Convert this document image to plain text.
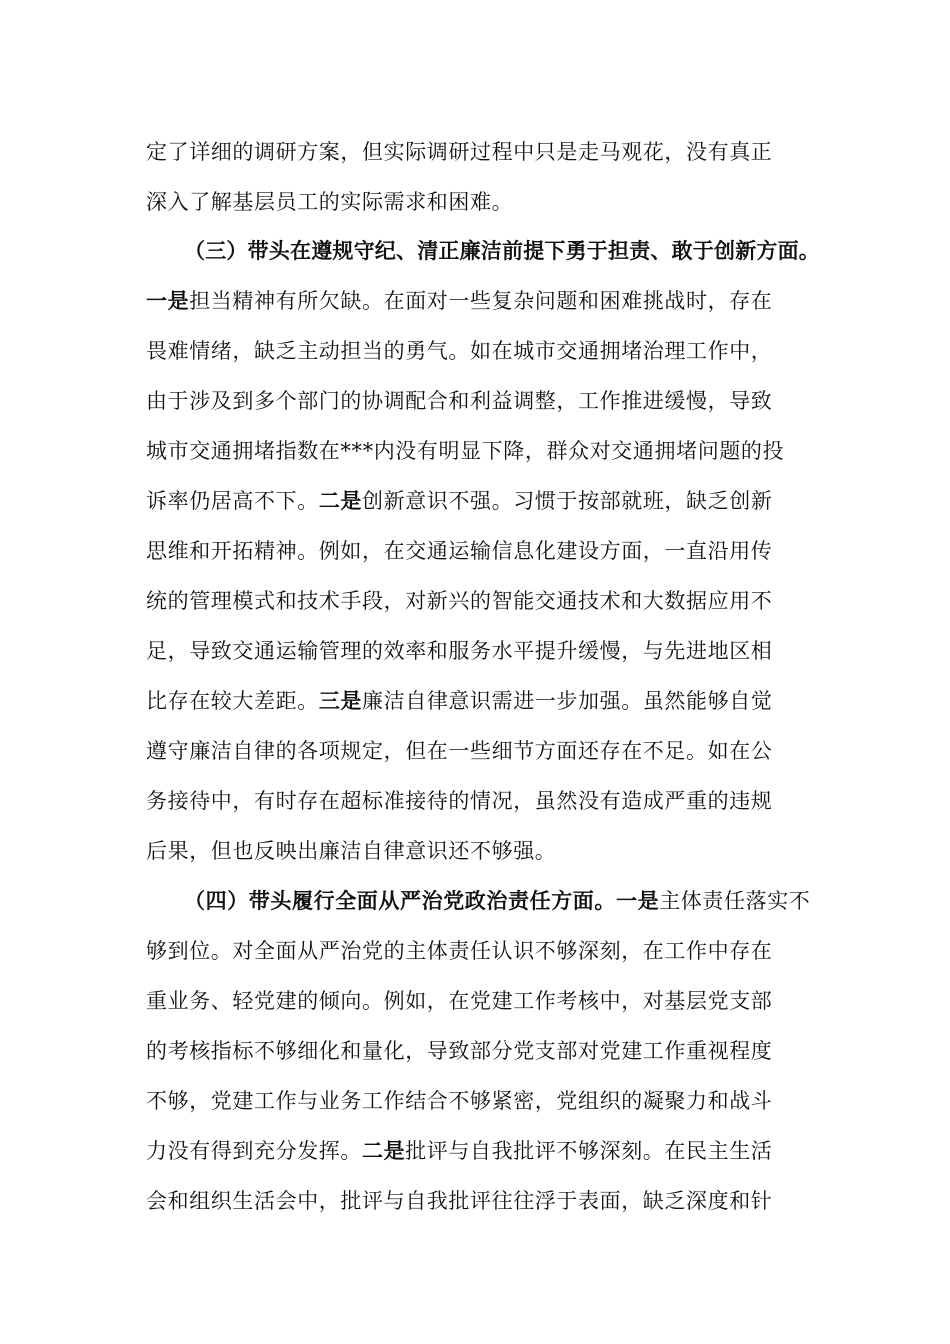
定了详细的调研方案，但实际调研过程中只是走马观花，没有真正
深入了解基层员工的实际需求和困难。
（三）带头在遵规守纪、清正廉洁前提下勇于担责、敢于创新方面。
一是担当精神有所欠缺。在面对一些复杂问题和困难挑战时，存在
畏难情绪，缺乏主动担当的勇气。如在城市交通拥堵治理工作中，
由于涉及到多个部门的协调配合和利益调整，工作推进缓慢，导致
城市交通拥堵指数在***内没有明显下降，群众对交通拥堵问题的投
诉率仍居高不下。二是创新意识不强。习惯于按部就班，缺乏创新
思维和开拓精神。例如，在交通运输信息化建设方面，一直沿用传
统的管理模式和技术手段，对新兴的智能交通技术和大数据应用不
足，导致交通运输管理的效率和服务水平提升缓慢，与先进地区相
比存在较大差距。三是廉洁自律意识需进一步加强。虽然能够自觉
遵守廉洁自律的各项规定，但在一些细节方面还存在不足。如在公
务接待中，有时存在超标准接待的情况，虽然没有造成严重的违规
后果，但也反映出廉洁自律意识还不够强。
（四）带头履行全面从严治党政治责任方面。一是主体责任落实不
够到位。对全面从严治党的主体责任认识不够深刻，在工作中存在
重业务、轻党建的倾向。例如，在党建工作考核中，对基层党支部
的考核指标不够细化和量化，导致部分党支部对党建工作重视程度
不够，党建工作与业务工作结合不够紧密，党组织的凝聚力和战斗
力没有得到充分发挥。二是批评与自我批评不够深刻。在民主生活
会和组织生活会中，批评与自我批评往往浮于表面，缺乏深度和针
